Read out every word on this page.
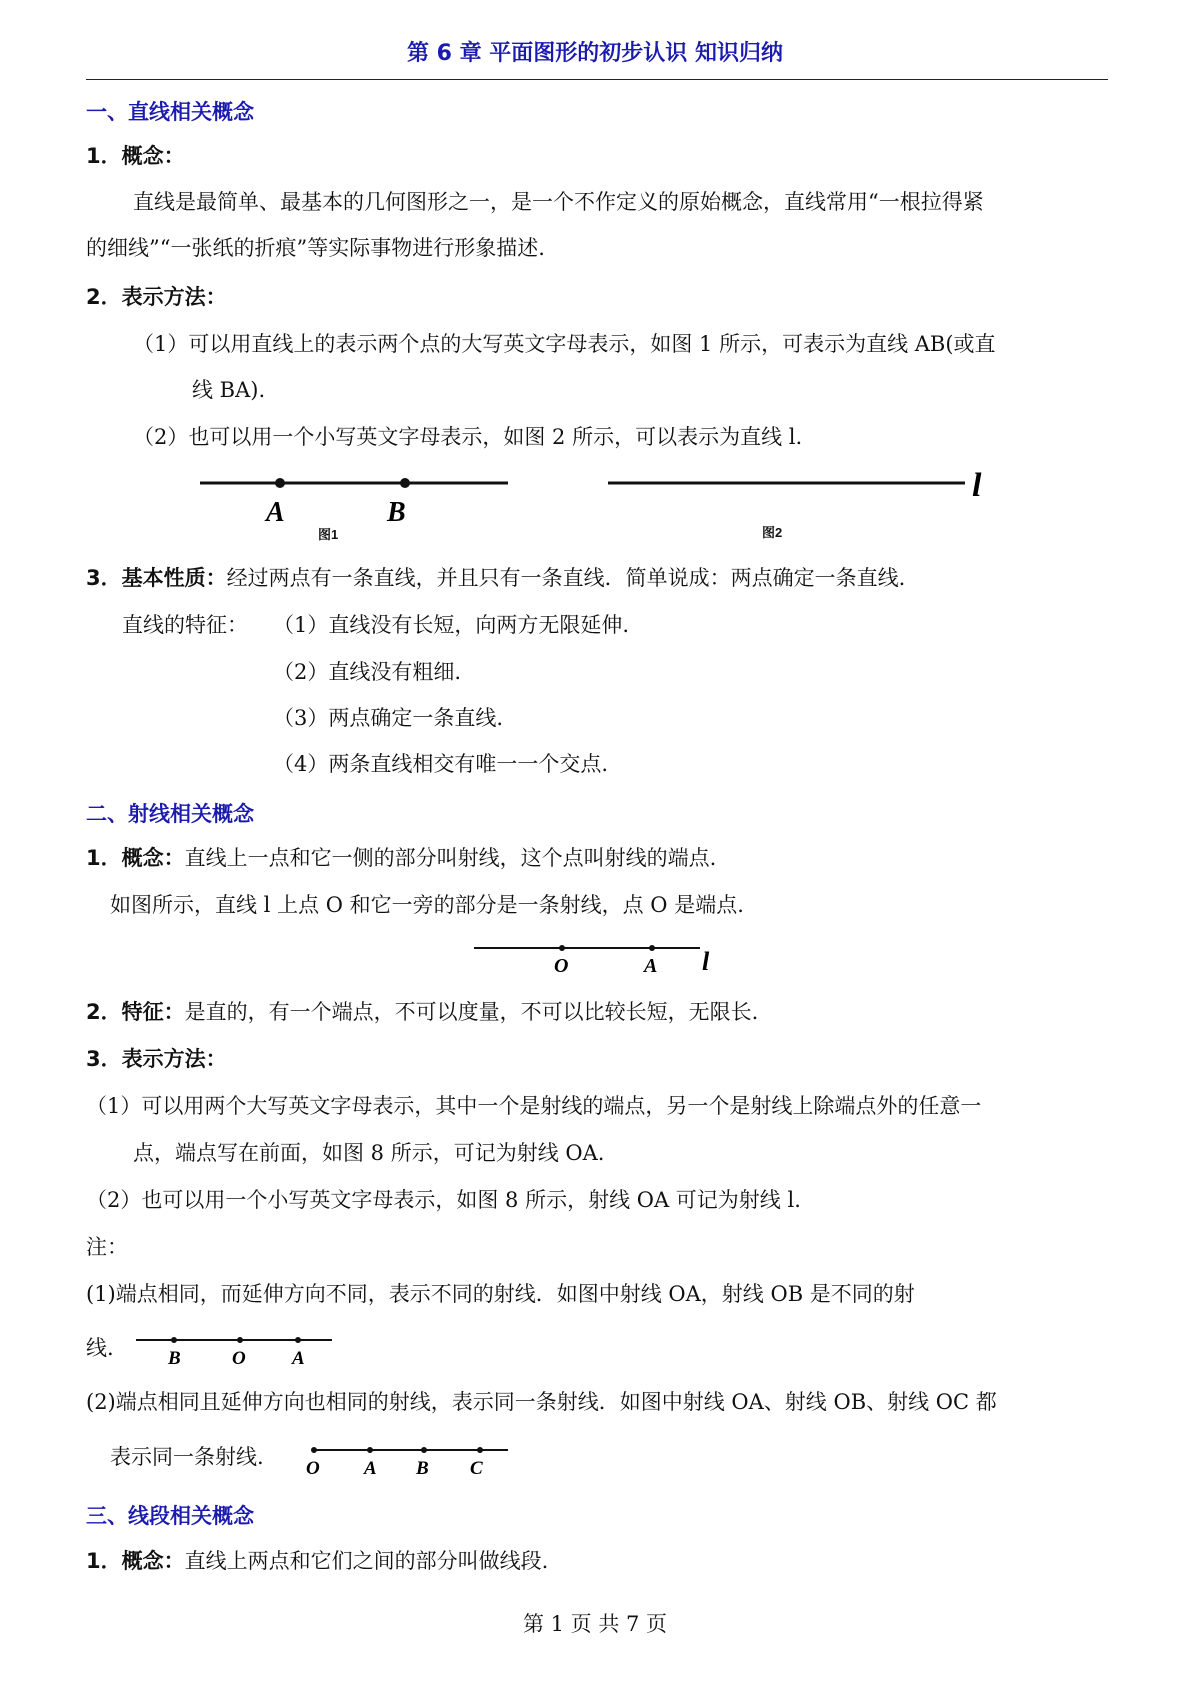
第 6 章 平面图形的初步认识 知识归纳
一、直线相关概念
1．概念：
直线是最简单、最基本的几何图形之一，是一个不作定义的原始概念，直线常用“一根拉得紧
的细线”“一张纸的折痕”等实际事物进行形象描述.
2．表示方法：
（1）可以用直线上的表示两个点的大写英文字母表示，如图 1 所示，可表示为直线 AB(或直
线 BA).
（2）也可以用一个小写英文字母表示，如图 2 所示，可以表示为直线 l.
A	B
图1
l
图2
3．基本性质：经过两点有一条直线，并且只有一条直线．简单说成：两点确定一条直线.
直线的特征： （1）直线没有长短，向两方无限延伸.
（2）直线没有粗细.
（3）两点确定一条直线.
（4）两条直线相交有唯一一个交点.
二、射线相关概念
1．概念：直线上一点和它一侧的部分叫射线，这个点叫射线的端点.
如图所示，直线 l 上点 O 和它一旁的部分是一条射线，点 O 是端点.
O	A l
2．特征：是直的，有一个端点，不可以度量，不可以比较长短，无限长.
3．表示方法：
（1）可以用两个大写英文字母表示，其中一个是射线的端点，另一个是射线上除端点外的任意一
点，端点写在前面，如图 8 所示，可记为射线 OA.
（2）也可以用一个小写英文字母表示，如图 8 所示，射线 OA 可记为射线 l.
注：
(1)端点相同，而延伸方向不同，表示不同的射线．如图中射线 OA，射线 OB 是不同的射
线.	B	O A
(2)端点相同且延伸方向也相同的射线，表示同一条射线．如图中射线 OA、射线 OB、射线 OC 都
表示同一条射线. O A B C
三、线段相关概念
1．概念：直线上两点和它们之间的部分叫做线段.
第 1 页 共 7 页
